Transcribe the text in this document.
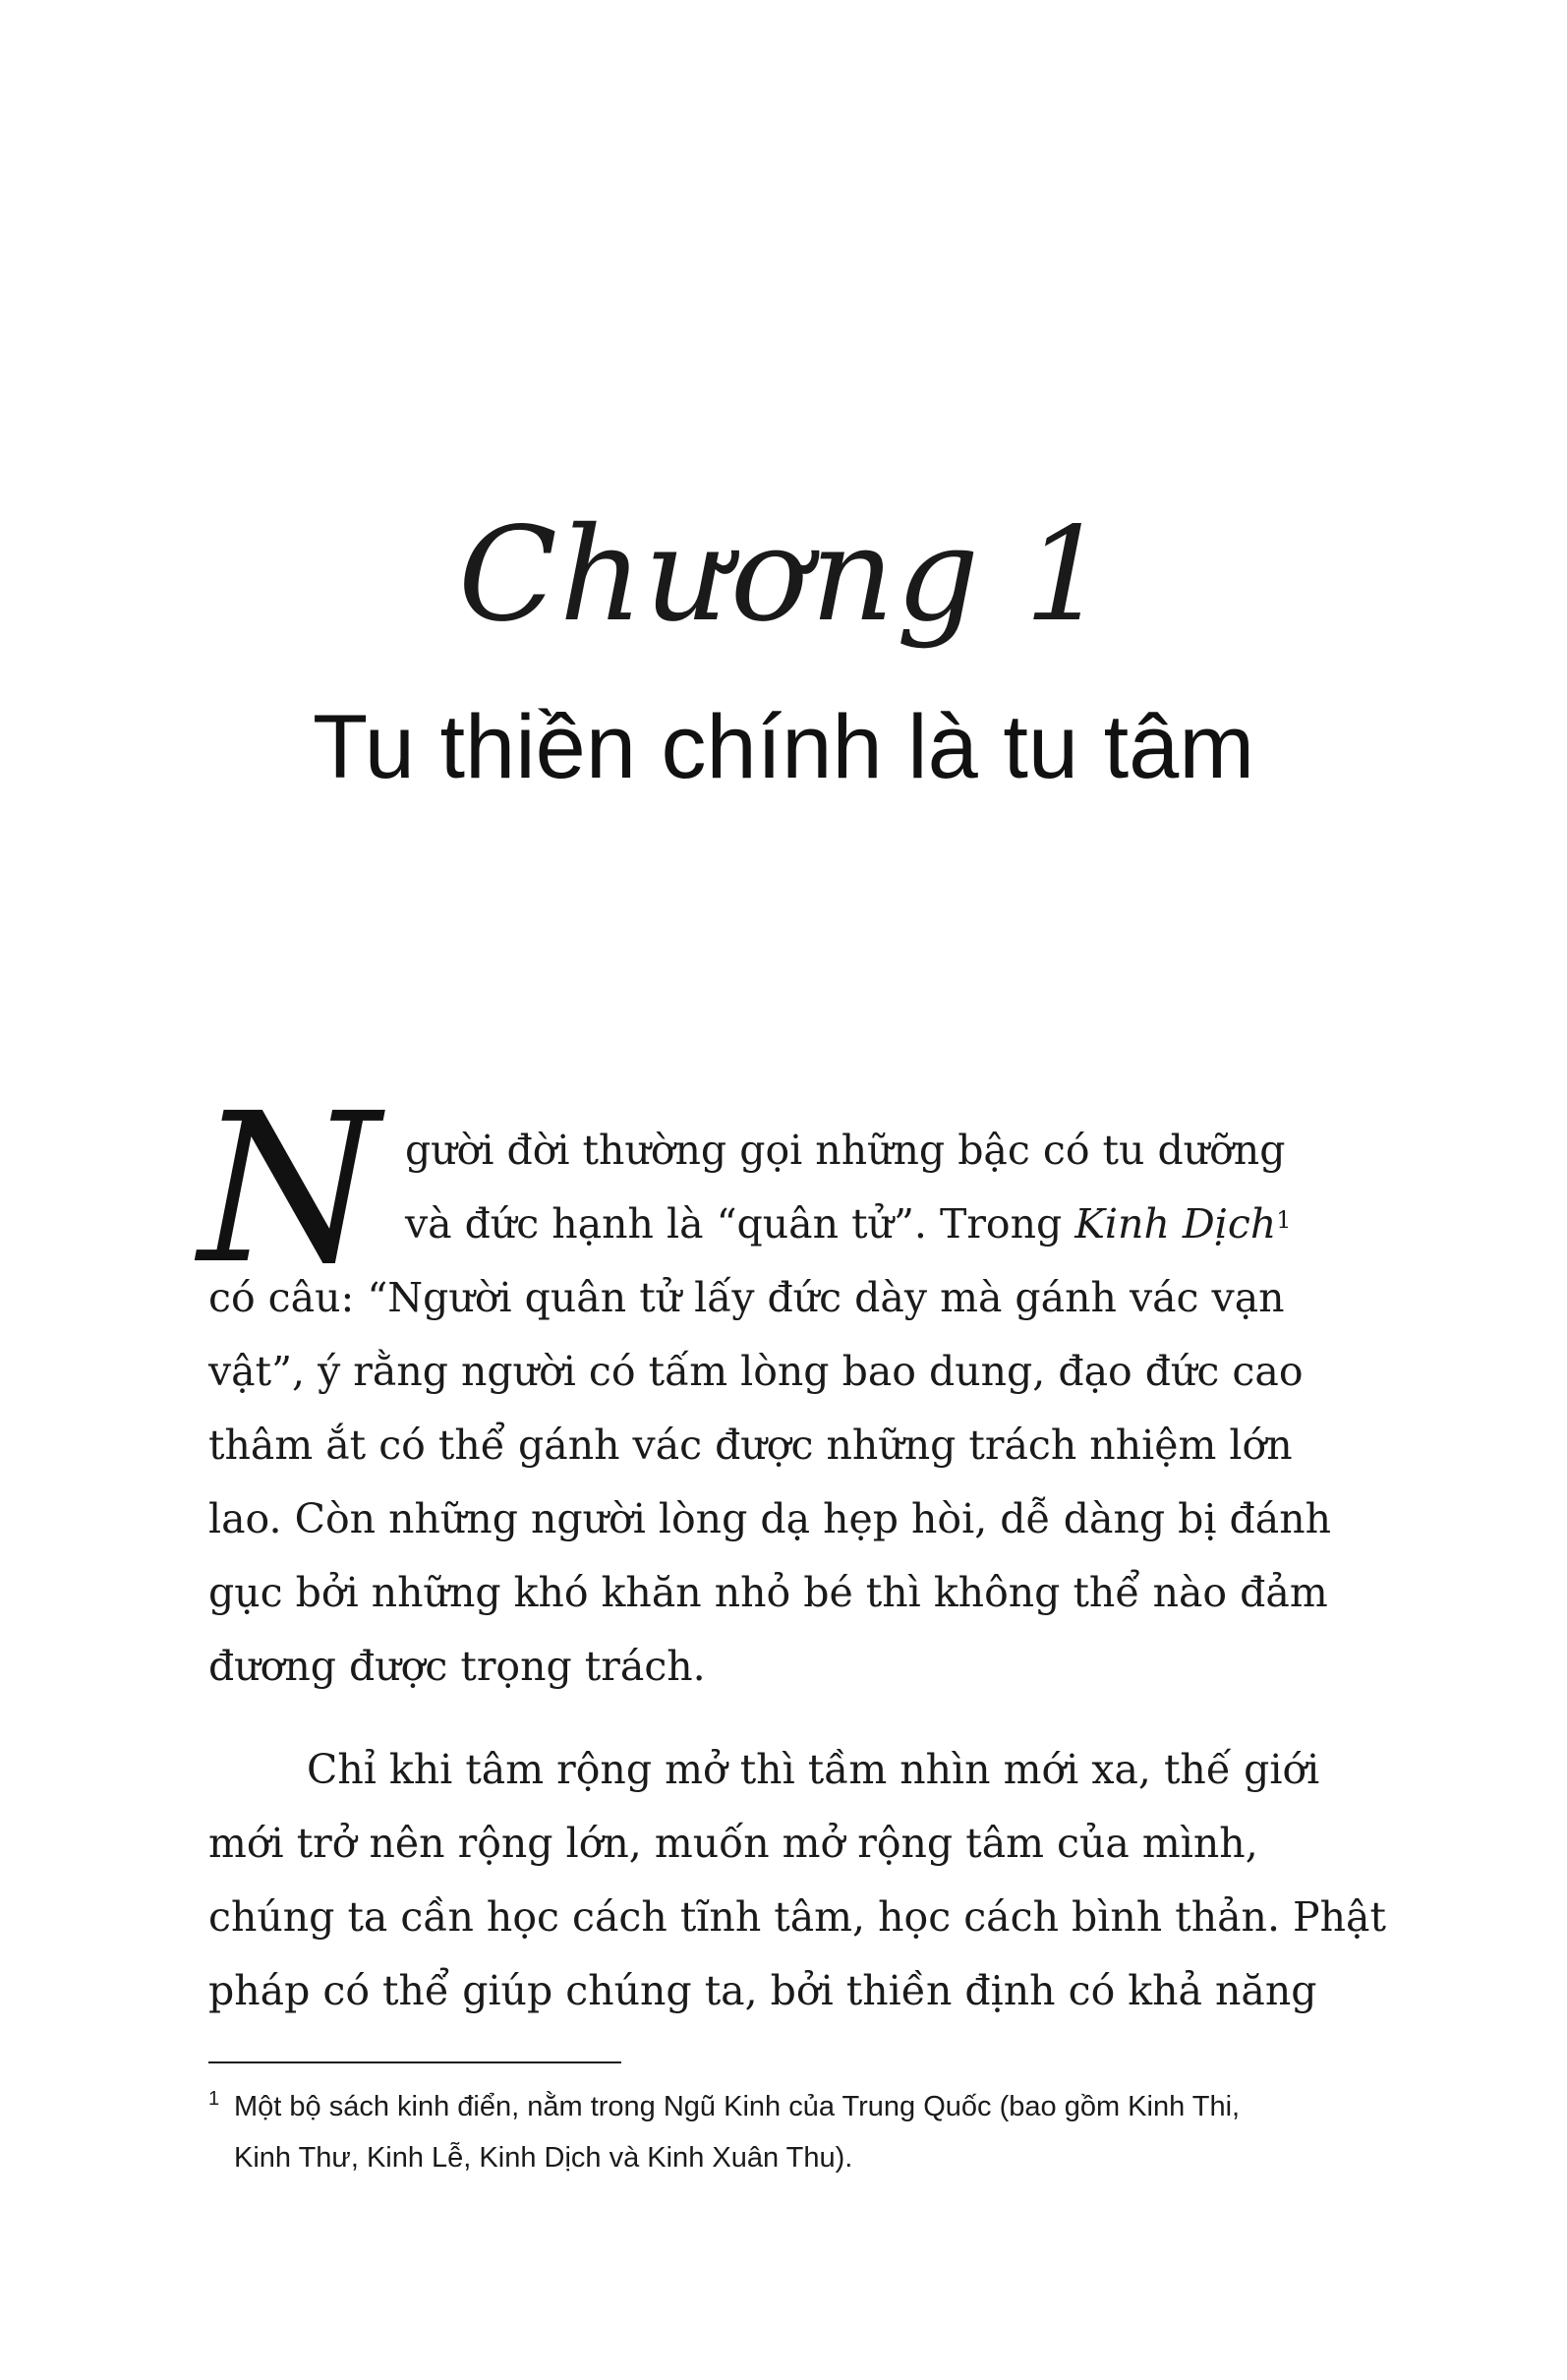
Chương 1
Tu thiền chính là tu tâm
N gười đời thường gọi những bậc có tu dưỡng
và đức hạnh là “quân tử”. Trong Kinh Dịch$^1$
có câu: “Người quân tử lấy đức dày mà gánh vác vạn
vật”, ý rằng người có tấm lòng bao dung, đạo đức cao
thâm ắt có thể gánh vác được những trách nhiệm lớn
lao. Còn những người lòng dạ hẹp hòi, dễ dàng bị đánh
gục bởi những khó khăn nhỏ bé thì không thể nào đảm
đương được trọng trách.
Chỉ khi tâm rộng mở thì tầm nhìn mới xa, thế giới
mới trở nên rộng lớn, muốn mở rộng tâm của mình,
chúng ta cần học cách tĩnh tâm, học cách bình thản. Phật
pháp có thể giúp chúng ta, bởi thiền định có khả năng
1 Một bộ sách kinh điển, nằm trong Ngũ Kinh của Trung Quốc (bao gồm Kinh Thi,
Kinh Thư, Kinh Lễ, Kinh Dịch và Kinh Xuân Thu).
